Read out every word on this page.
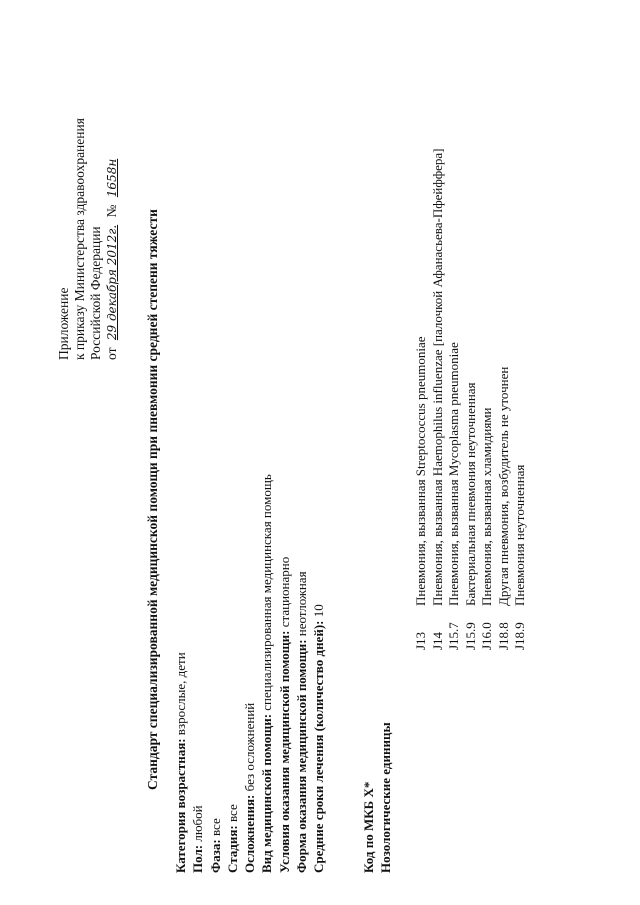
Приложение к приказу Министерства здравоохранения Российской Федерации от 29 декабря 2012г. № 1658н
Стандарт специализированной медицинской помощи при пневмонии средней степени тяжести
Категория возрастная: взрослые, дети
Пол: любой
Фаза: все Стадия: все Осложнения: без осложнений Вид медицинской помощи: специализированная медицинская помощь
Условия оказания медицинской помощи: стационарно
Форма оказания медицинской помощи: неотложная
Средние сроки лечения (количество дней): 10
Код по МКБ X* Нозологические единицы
J13Пневмония, вызванная Streptococcus pneumoniae
J14Пневмония, вызванная Haemophilus influenzae [палочкой Афанасьева-Пфейффера]
J15.7Пневмония, вызванная Mycoplasma pneumoniae
J15.9Бактериальная пневмония неуточненная
J16.0Пневмония, вызванная хламидиями
J18.8Другая пневмония, возбудитель не уточнен
J18.9Пневмония неуточненная
